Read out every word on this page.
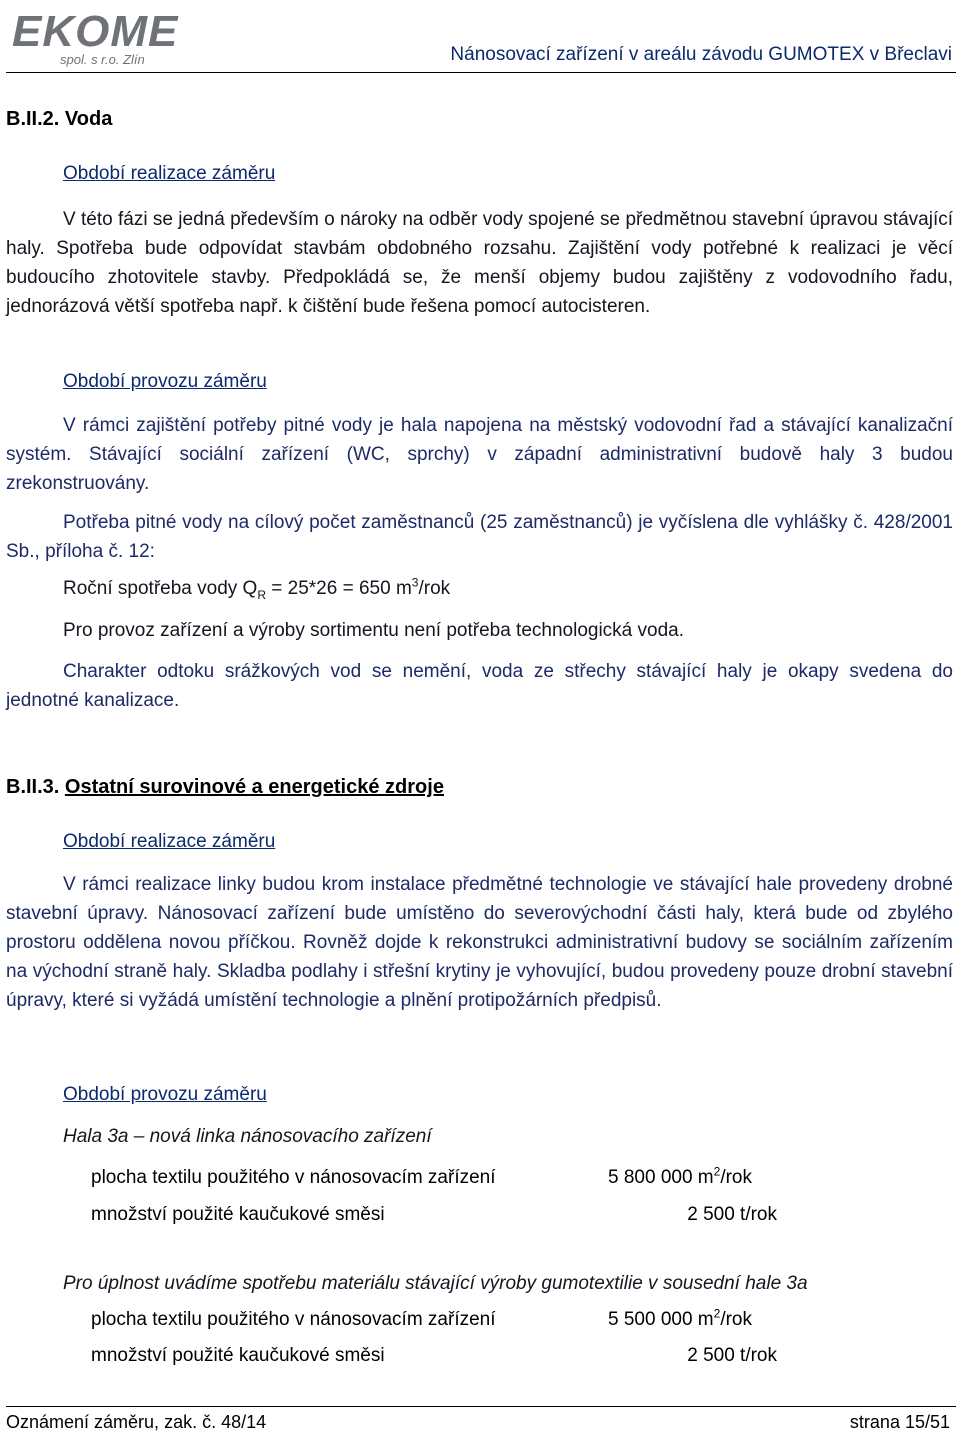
EKOME
spol. s r.o. Zlín	Nánosovací zařízení v areálu závodu GUMOTEX v Břeclavi
B.II.2. Voda
Období realizace záměru
V této fázi se jedná především o nároky na odběr vody spojené se předmětnou stavební úpravou stávající haly. Spotřeba bude odpovídat stavbám obdobného rozsahu. Zajištění vody potřebné k realizaci je věcí budoucího zhotovitele stavby. Předpokládá se, že menší objemy budou zajištěny z vodovodního řadu, jednorázová větší spotřeba např. k čištění bude řešena pomocí autocisteren.
Období provozu záměru
V rámci zajištění potřeby pitné vody je hala napojena na městský vodovodní řad a stávající kanalizační systém. Stávající sociální zařízení (WC, sprchy) v západní administrativní budově haly 3 budou zrekonstruovány.
Potřeba pitné vody na cílový počet zaměstnanců (25 zaměstnanců) je vyčíslena dle vyhlášky č. 428/2001 Sb., příloha č. 12:
Roční spotřeba vody $Q_R = 25*26 = 650$ $m^3$/rok
Pro provoz zařízení a výroby sortimentu není potřeba technologická voda.
Charakter odtoku srážkových vod se nemění, voda ze střechy stávající haly je okapy svedena do jednotné kanalizace.
B.II.3. Ostatní surovinové a energetické zdroje
Období realizace záměru
V rámci realizace linky budou krom instalace předmětné technologie ve stávající hale provedeny drobné stavební úpravy. Nánosovací zařízení bude umístěno do severovýchodní části haly, která bude od zbylého prostoru oddělena novou příčkou. Rovněž dojde k rekonstrukci administrativní budovy se sociálním zařízením na východní straně haly. Skladba podlahy i střešní krytiny je vyhovující, budou provedeny pouze drobní stavební úpravy, které si vyžádá umístění technologie a plnění protipožárních předpisů.
Období provozu záměru
Hala 3a – nová linka nánosovacího zařízení
plocha textilu použitého v nánosovacím zařízení	5 800 000 $m^2$/rok
množství použité kaučukové směsi	2 500 t/rok
Pro úplnost uvádíme spotřebu materiálu stávající výroby gumotextilie v sousední hale 3a
plocha textilu použitého v nánosovacím zařízení	5 500 000 $m^2$/rok
množství použité kaučukové směsi	2 500 t/rok
Oznámení záměru, zak. č. 48/14	strana 15/51
